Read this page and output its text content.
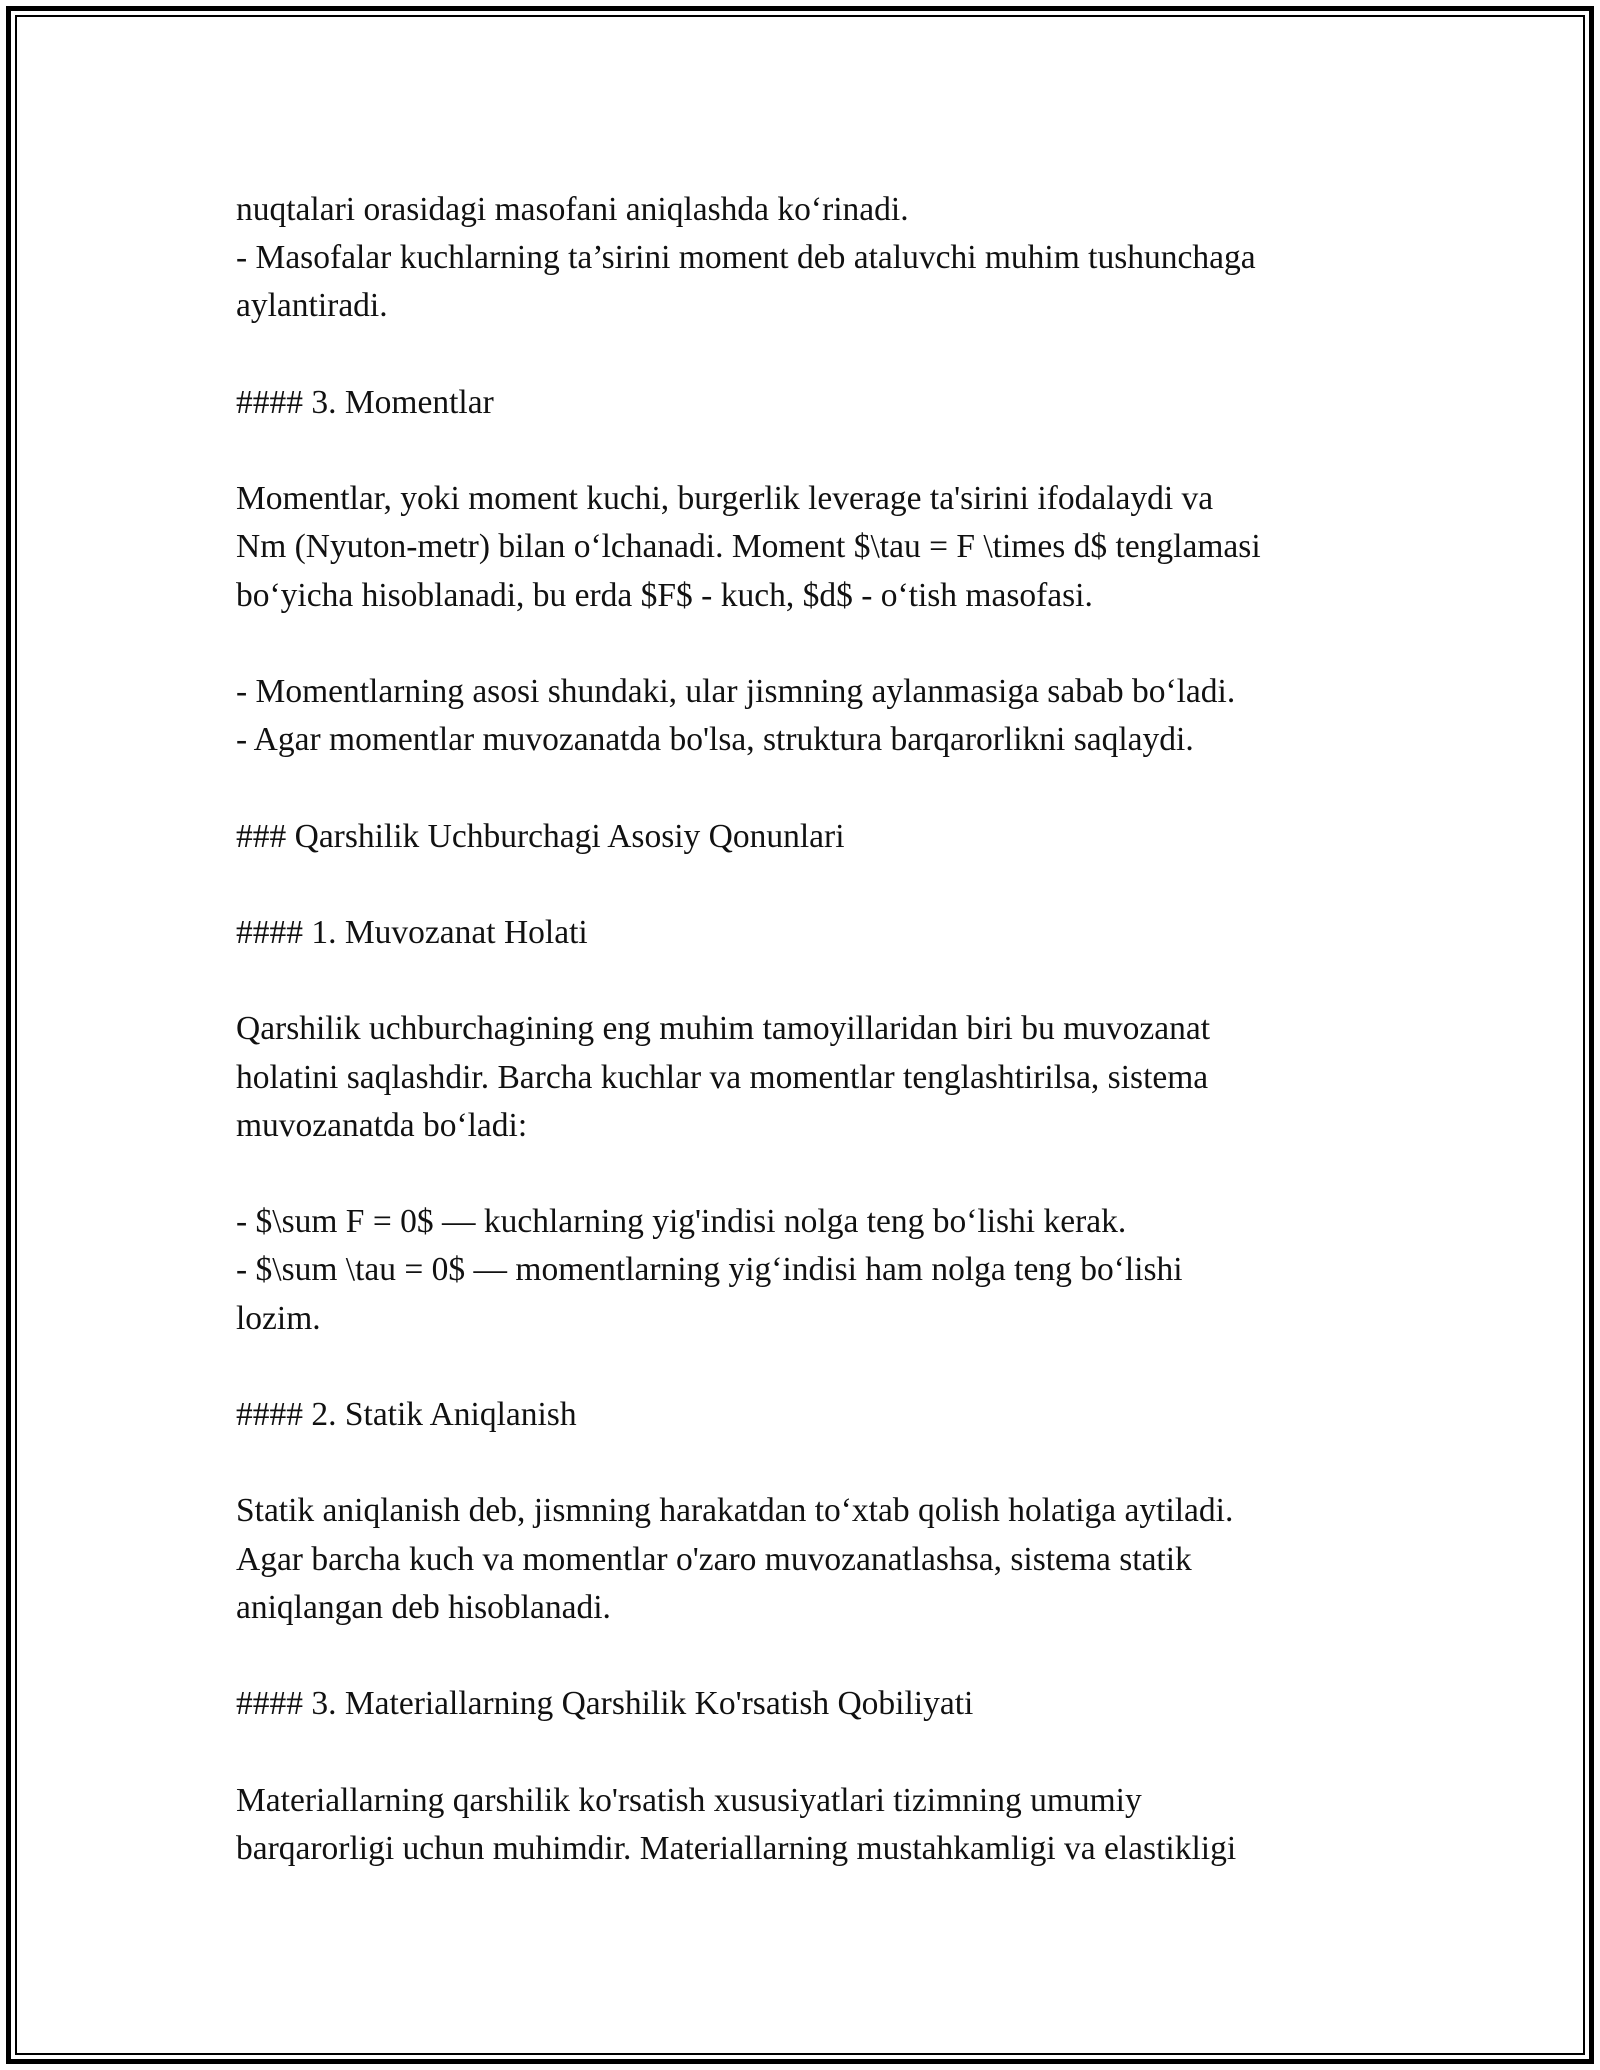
nuqtalari orasidagi masofani aniqlashda ko‘rinadi.
- Masofalar kuchlarning ta’sirini moment deb ataluvchi muhim tushunchaga
aylantiradi.
#### 3. Momentlar
Momentlar, yoki moment kuchi, burgerlik leverage ta'sirini ifodalaydi va
Nm (Nyuton-metr) bilan o‘lchanadi. Moment $\tau = F \times d$ tenglamasi
bo‘yicha hisoblanadi, bu erda $F$ - kuch, $d$ - o‘tish masofasi.
- Momentlarning asosi shundaki, ular jismning aylanmasiga sabab bo‘ladi.
- Agar momentlar muvozanatda bo'lsa, struktura barqarorlikni saqlaydi.
### Qarshilik Uchburchagi Asosiy Qonunlari
#### 1. Muvozanat Holati
Qarshilik uchburchagining eng muhim tamoyillaridan biri bu muvozanat
holatini saqlashdir. Barcha kuchlar va momentlar tenglashtirilsa, sistema
muvozanatda bo‘ladi:
- $\sum F = 0$ — kuchlarning yig'indisi nolga teng bo‘lishi kerak.
- $\sum \tau = 0$ — momentlarning yig‘indisi ham nolga teng bo‘lishi
lozim.
#### 2. Statik Aniqlanish
Statik aniqlanish deb, jismning harakatdan to‘xtab qolish holatiga aytiladi.
Agar barcha kuch va momentlar o'zaro muvozanatlashsa, sistema statik
aniqlangan deb hisoblanadi.
#### 3. Materiallarning Qarshilik Ko'rsatish Qobiliyati
Materiallarning qarshilik ko'rsatish xususiyatlari tizimning umumiy
barqarorligi uchun muhimdir. Materiallarning mustahkamligi va elastikligi
